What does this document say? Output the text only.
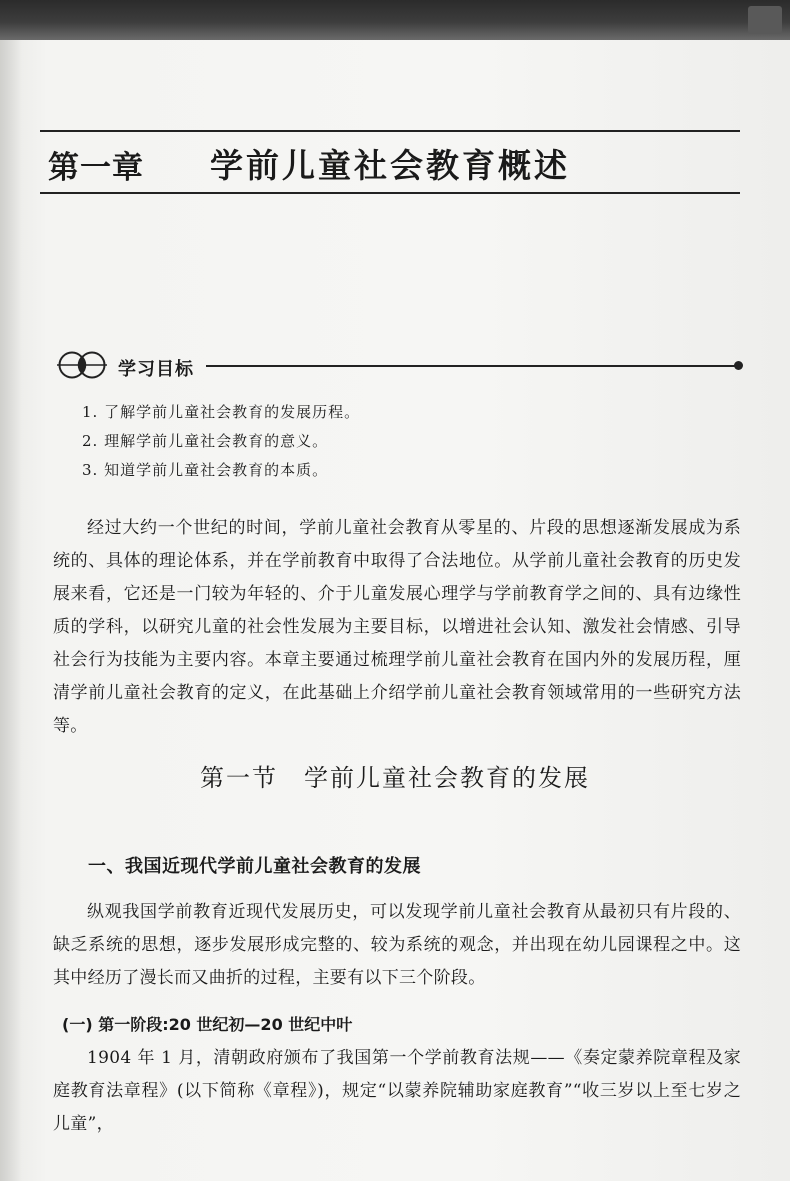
第一章 学前儿童社会教育概述
学习目标
1. 了解学前儿童社会教育的发展历程。
2. 理解学前儿童社会教育的意义。
3. 知道学前儿童社会教育的本质。

经过大约一个世纪的时间，学前儿童社会教育从零星的、片段的思想逐渐发展成为系统的、具体的理论体系，并在学前教育中取得了合法地位。从学前儿童社会教育的历史发展来看，它还是一门较为年轻的、介于儿童发展心理学与学前教育学之间的、具有边缘性质的学科，以研究儿童的社会性发展为主要目标，以增进社会认知、激发社会情感、引导社会行为技能为主要内容。本章主要通过梳理学前儿童社会教育在国内外的发展历程，厘清学前儿童社会教育的定义，在此基础上介绍学前儿童社会教育领域常用的一些研究方法等。

第一节 学前儿童社会教育的发展
一、我国近现代学前儿童社会教育的发展

纵观我国学前教育近现代发展历史，可以发现学前儿童社会教育从最初只有片段的、缺乏系统的思想，逐步发展形成完整的、较为系统的观念，并出现在幼儿园课程之中。这其中经历了漫长而又曲折的过程，主要有以下三个阶段。

(一) 第一阶段:20 世纪初—20 世纪中叶

1904 年 1 月，清朝政府颁布了我国第一个学前教育法规——《奏定蒙养院章程及家庭教育法章程》(以下简称《章程》)，规定“以蒙养院辅助家庭教育”“收三岁以上至七岁之儿童”，
